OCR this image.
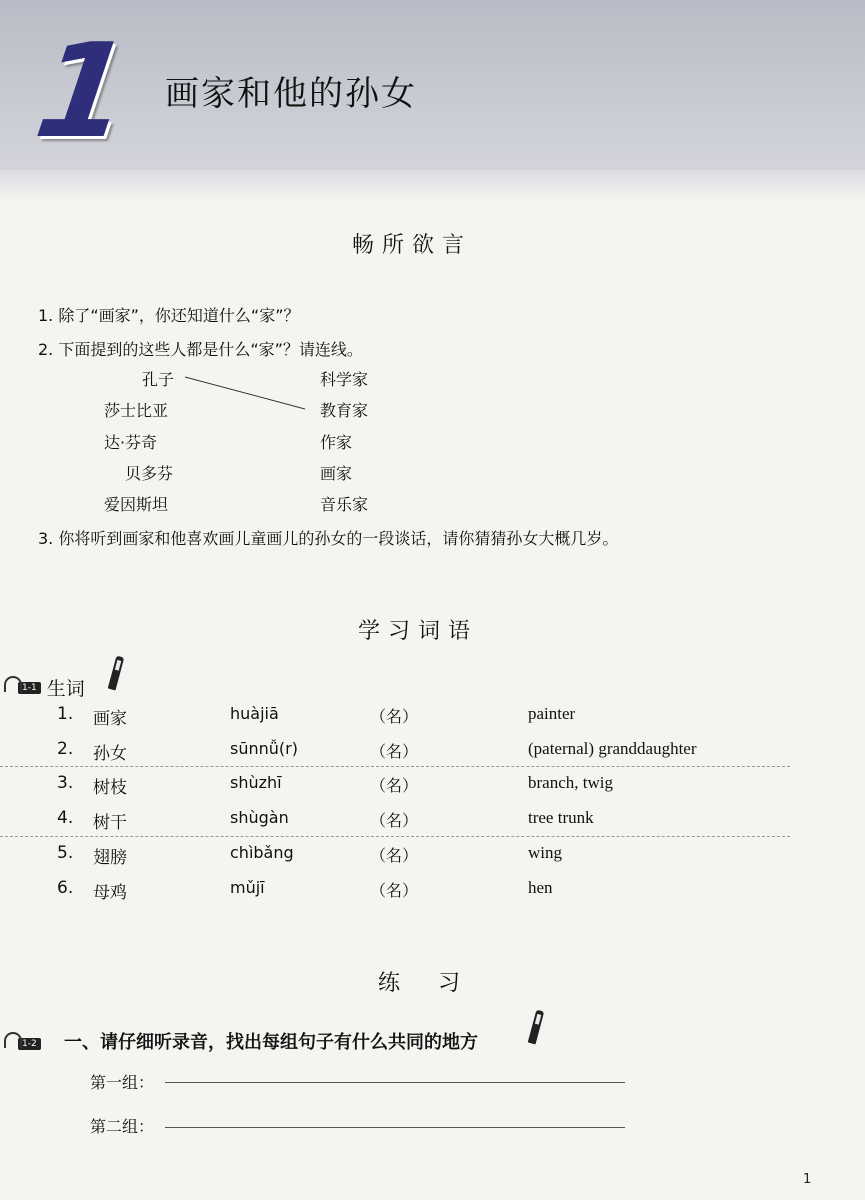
1 画家和他的孙女
畅所欲言
1. 除了“画家”，你还知道什么“家”？
2. 下面提到的这些人都是什么“家”？请连线。
孔子
莎士比亚
达·芬奇
贝多芬
爱因斯坦
科学家
教育家
作家
画家
音乐家
3. 你将听到画家和他喜欢画儿童画儿的孙女的一段谈话，请你猜猜孙女大概几岁。
学习词语
1-1 生词
1. 画家	huàjiā	（名）	painter
2. 孙女	sūnnǚ(r)	（名）	(paternal) granddaughter
3. 树枝	shùzhī	（名）	branch, twig
4. 树干	shùgàn	（名）	tree trunk
5. 翅膀	chìbǎng	（名）	wing
6. 母鸡	mǔjī	（名）	hen
练  习
1-2 一、请仔细听录音，找出每组句子有什么共同的地方
第一组：
第二组：
1
